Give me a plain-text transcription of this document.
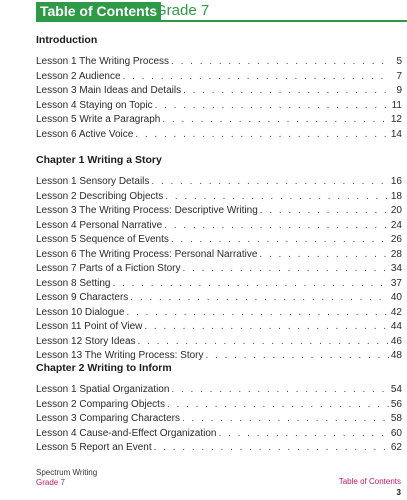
Table of Contents
Grade 7
Introduction
Lesson 1 The Writing Process . . .	5
Lesson 2 Audience . . .	7
Lesson 3 Main Ideas and Details . . .	9
Lesson 4 Staying on Topic . . .	11
Lesson 5 Write a Paragraph . . .	12
Lesson 6 Active Voice . . .	14
Chapter 1 Writing a Story
Lesson 1 Sensory Details . . .	16
Lesson 2 Describing Objects . . .	18
Lesson 3 The Writing Process: Descriptive Writing . . .	20
Lesson 4 Personal Narrative . . .	24
Lesson 5 Sequence of Events . . .	26
Lesson 6 The Writing Process: Personal Narrative . . .	28
Lesson 7 Parts of a Fiction Story . . .	34
Lesson 8 Setting . . .	37
Lesson 9 Characters . . .	40
Lesson 10 Dialogue . . .	42
Lesson 11 Point of View . . .	44
Lesson 12 Story Ideas . . .	46
Lesson 13 The Writing Process: Story . . .	48
Chapter 2 Writing to Inform
Lesson 1 Spatial Organization . . .	54
Lesson 2 Comparing Objects . . .	56
Lesson 3 Comparing Characters . . .	58
Lesson 4 Cause-and-Effect Organization . . .	60
Lesson 5 Report an Event . . .	62
Spectrum Writing
Grade 7	Table of Contents
3
